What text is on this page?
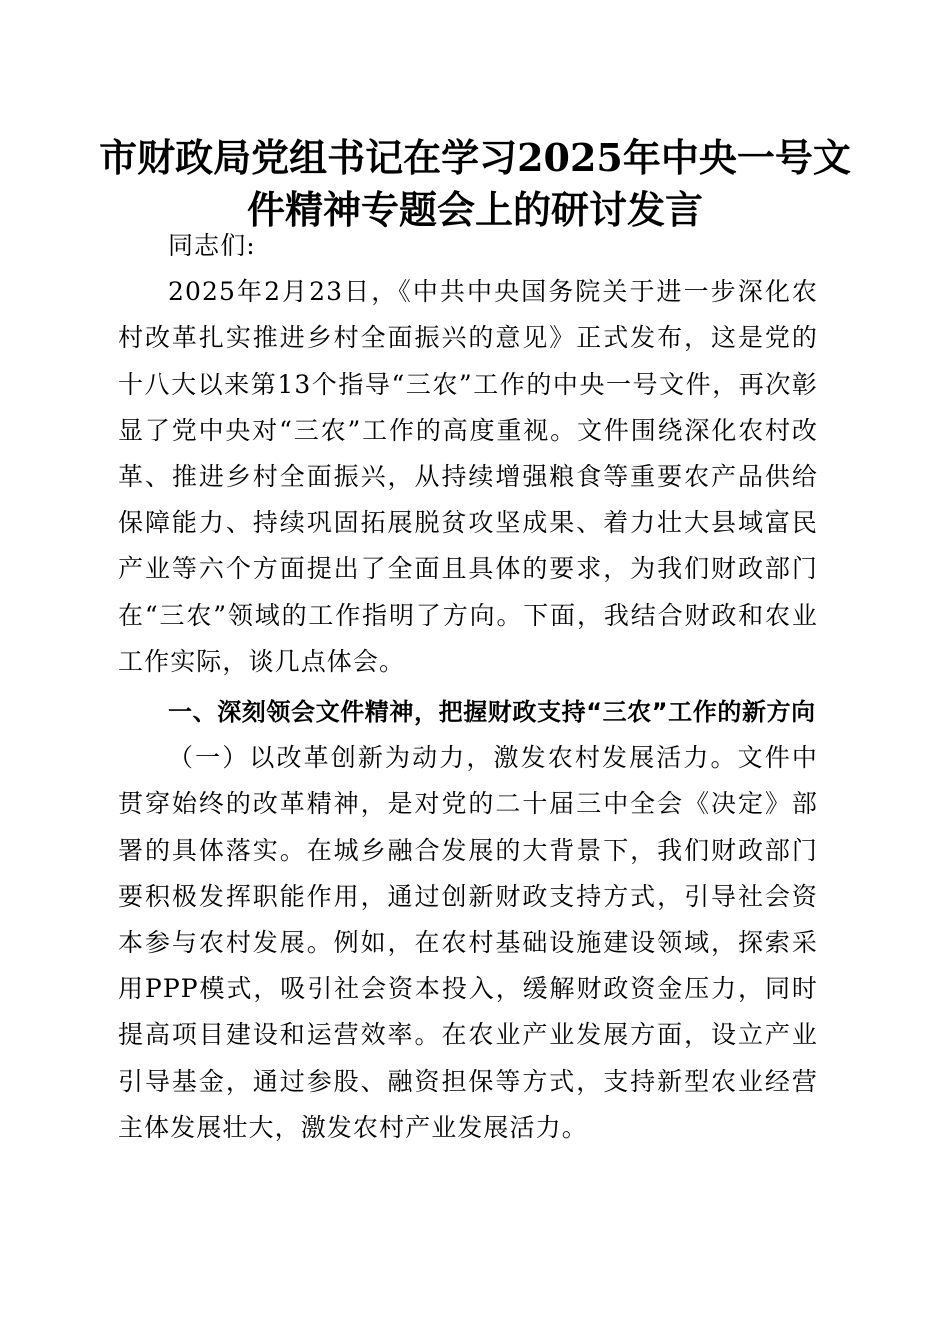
市财政局党组书记在学习2025年中央一号文
件精神专题会上的研讨发言

同志们:

2025年2月23日，《中共中央国务院关于进一步深化农村改革扎实推进乡村全面振兴的意见》正式发布，这是党的十八大以来第13个指导“三农”工作的中央一号文件，再次彰显了党中央对“三农”工作的高度重视。文件围绕深化农村改革、推进乡村全面振兴，从持续增强粮食等重要农产品供给保障能力、持续巩固拓展脱贫攻坚成果、着力壮大县域富民产业等六个方面提出了全面且具体的要求，为我们财政部门在“三农”领域的工作指明了方向。下面，我结合财政和农业工作实际，谈几点体会。

一、深刻领会文件精神，把握财政支持“三农”工作的新方向

（一）以改革创新为动力，激发农村发展活力。文件中贯穿始终的改革精神，是对党的二十届三中全会《决定》部署的具体落实。在城乡融合发展的大背景下，我们财政部门要积极发挥职能作用，通过创新财政支持方式，引导社会资本参与农村发展。例如，在农村基础设施建设领域，探索采用PPP模式，吸引社会资本投入，缓解财政资金压力，同时提高项目建设和运营效率。在农业产业发展方面，设立产业引导基金，通过参股、融资担保等方式，支持新型农业经营主体发展壮大，激发农村产业发展活力。
